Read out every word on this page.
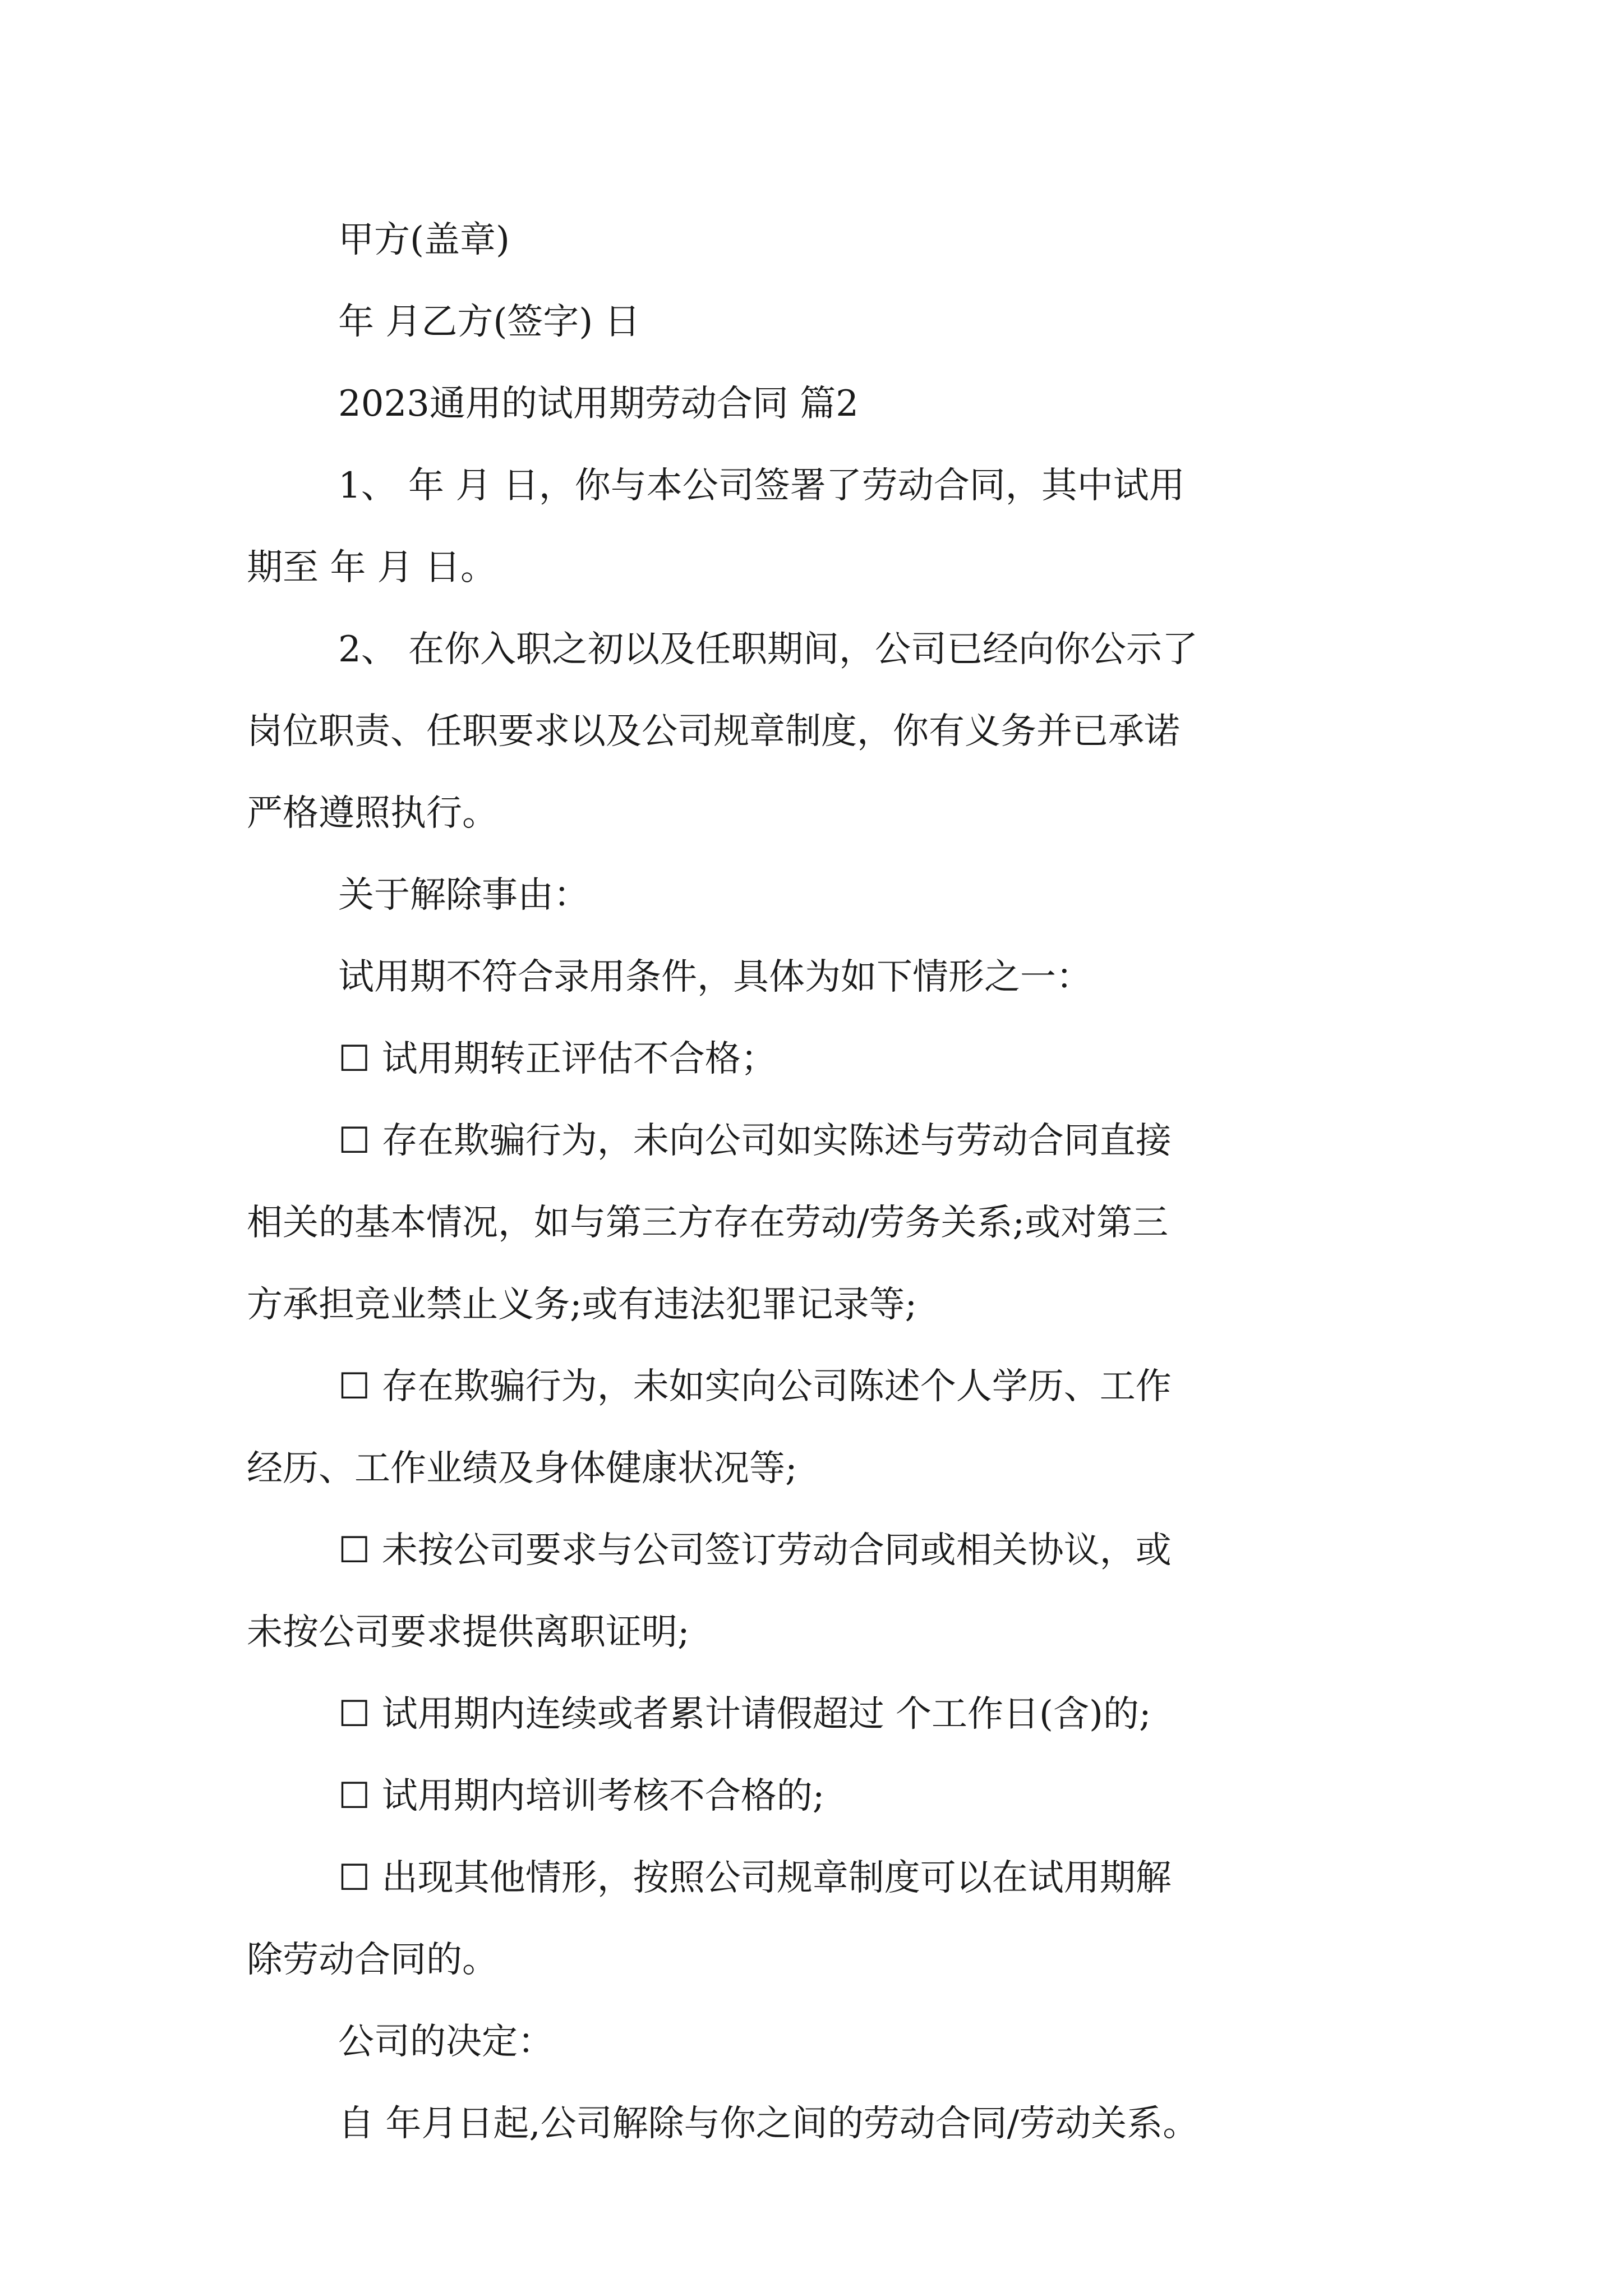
甲方(盖章)

年 月乙方(签字) 日

2023通用的试用期劳动合同 篇2

1、 年 月 日，你与本公司签署了劳动合同，其中试用

期至 年 月 日。

2、 在你入职之初以及任职期间，公司已经向你公示了

岗位职责、任职要求以及公司规章制度，你有义务并已承诺

严格遵照执行。

关于解除事由：

试用期不符合录用条件，具体为如下情形之一：

☐ 试用期转正评估不合格；

☐ 存在欺骗行为，未向公司如实陈述与劳动合同直接

相关的基本情况，如与第三方存在劳动/劳务关系;或对第三

方承担竞业禁止义务;或有违法犯罪记录等;

☐ 存在欺骗行为，未如实向公司陈述个人学历、工作

经历、工作业绩及身体健康状况等;

☐ 未按公司要求与公司签订劳动合同或相关协议，或

未按公司要求提供离职证明;

☐ 试用期内连续或者累计请假超过 个工作日(含)的;

☐ 试用期内培训考核不合格的;

☐ 出现其他情形，按照公司规章制度可以在试用期解

除劳动合同的。

公司的决定：

自 年月日起,公司解除与你之间的劳动合同/劳动关系。
